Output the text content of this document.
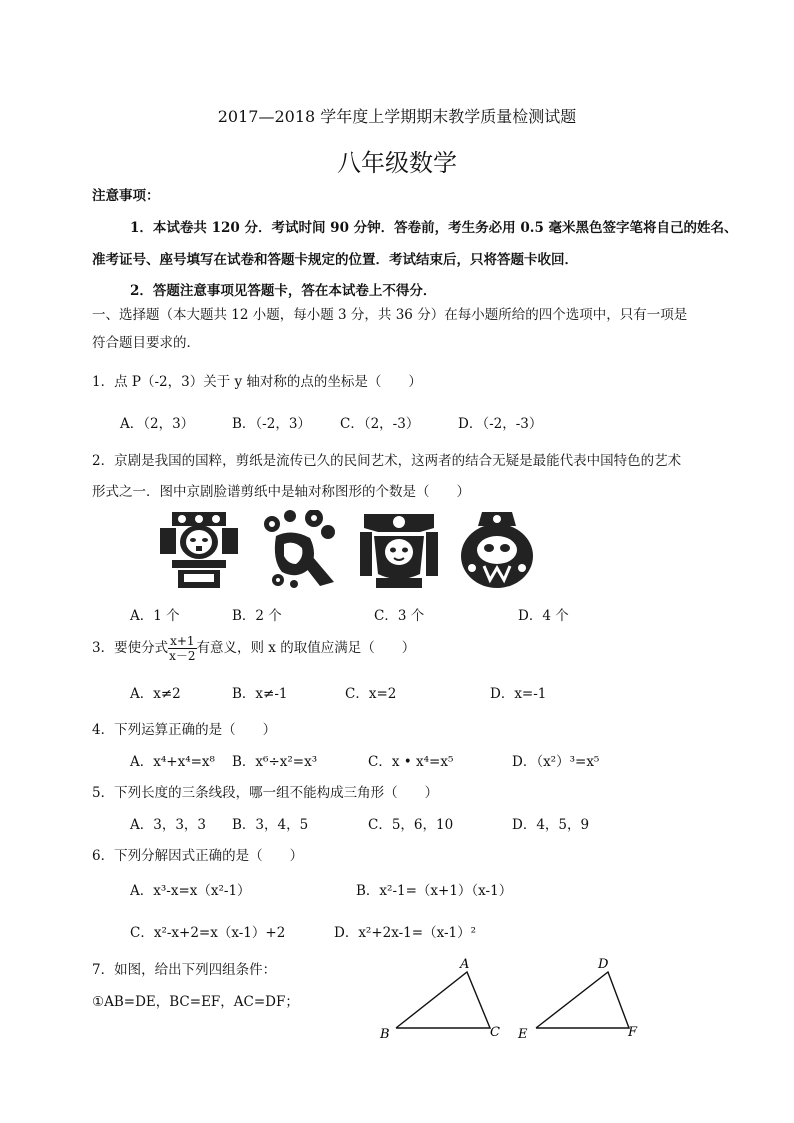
2017—2018 学年度上学期期末教学质量检测试题
八年级数学
注意事项：
1．本试卷共 120 分．考试时间 90 分钟．答卷前，考生务必用 0.5 毫米黑色签字笔将自己的姓名、
准考证号、座号填写在试卷和答题卡规定的位置．考试结束后，只将答题卡收回．
2．答题注意事项见答题卡，答在本试卷上不得分．
一、选择题（本大题共 12 小题，每小题 3 分，共 36 分）在每小题所给的四个选项中，只有一项是
符合题目要求的．
1．点 P（-2，3）关于 y 轴对称的点的坐标是（　　）
A．（2，3）	B．（-2，3） C．（2，-3）	D．（-2，-3）
2．京剧是我国的国粹，剪纸是流传已久的民间艺术，这两者的结合无疑是最能代表中国特色的艺术
形式之一．图中京剧脸谱剪纸中是轴对称图形的个数是（　　）
A．1 个	B．2 个	C．3 个	D．4 个
3．要使分式 $\frac{x+1}{x-2}$ 有意义，则 x 的取值应满足（　　）
A．x≠2	B．x≠-1	C．x=2	D．x=-1
4．下列运算正确的是（　　）
A．x⁴+x⁴=x⁸ B．x⁶÷x²=x³	C．x • x⁴=x⁵	D．（x²）³=x⁵
5．下列长度的三条线段，哪一组不能构成三角形（　　）
A．3，3，3 B．3，4，5	C．5，6，10	D．4，5，9
6．下列分解因式正确的是（　　）
A．x³-x=x（x²-1）	B．x²-1=（x+1）（x-1）
C．x²-x+2=x（x-1）+2	D．x²+2x-1=（x-1）²
7．如图，给出下列四组条件：
①AB=DE，BC=EF，AC=DF；
A
B	C
D
E	F
